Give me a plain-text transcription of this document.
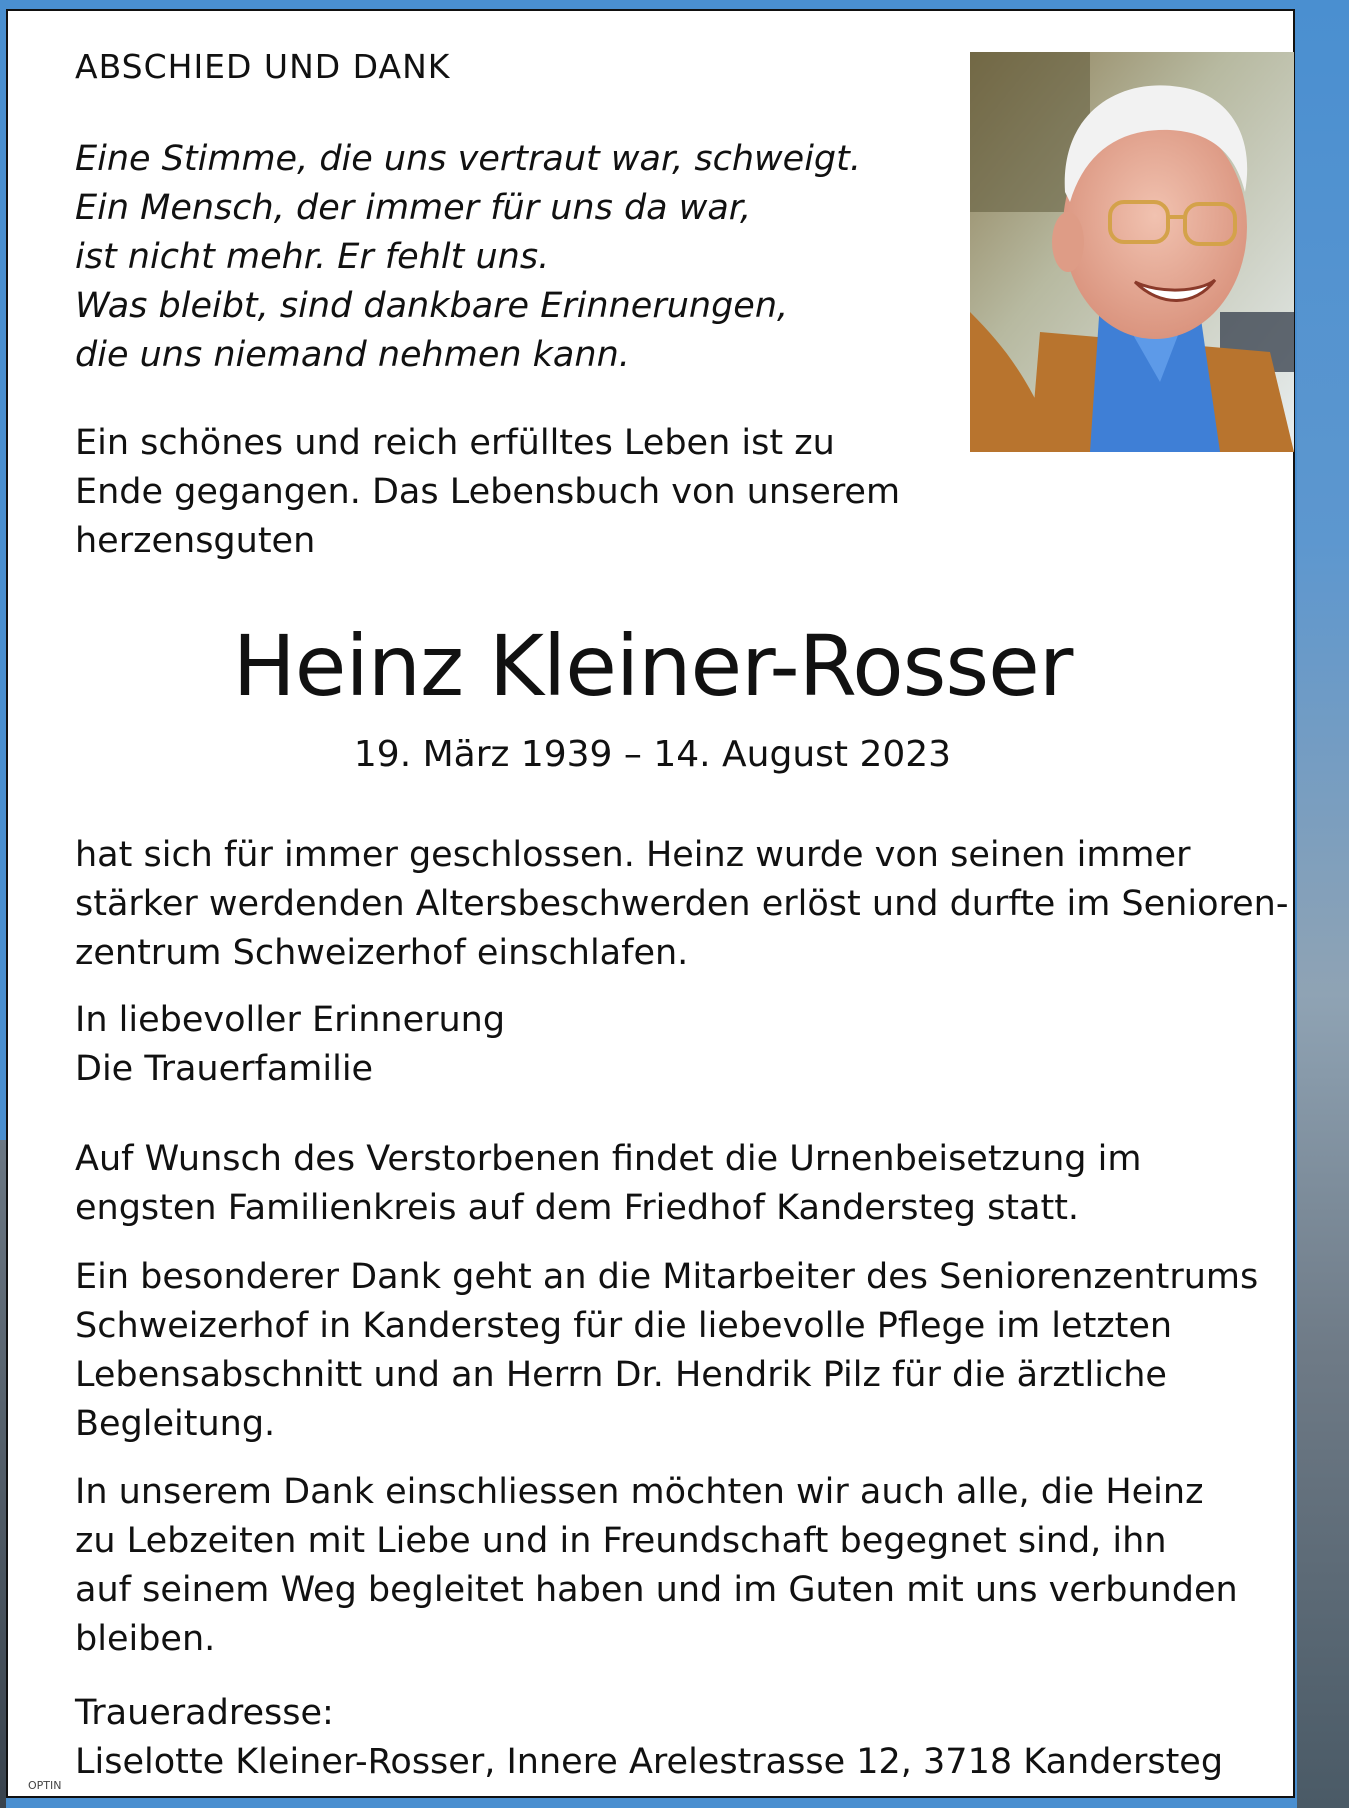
ABSCHIED UND DANK
Eine Stimme, die uns vertraut war, schweigt.
Ein Mensch, der immer für uns da war,
ist nicht mehr. Er fehlt uns.
Was bleibt, sind dankbare Erinnerungen,
die uns niemand nehmen kann.
Ein schönes und reich erfülltes Leben ist zu
Ende gegangen. Das Lebensbuch von unserem
herzensguten
Heinz Kleiner-Rosser
19. März 1939 – 14. August 2023
hat sich für immer geschlossen. Heinz wurde von seinen immer
stärker werdenden Altersbeschwerden erlöst und durfte im Senioren-
zentrum Schweizerhof einschlafen.
In liebevoller Erinnerung
Die Trauerfamilie
Auf Wunsch des Verstorbenen findet die Urnenbeisetzung im
engsten Familienkreis auf dem Friedhof Kandersteg statt.
Ein besonderer Dank geht an die Mitarbeiter des Seniorenzentrums
Schweizerhof in Kandersteg für die liebevolle Pflege im letzten
Lebensabschnitt und an Herrn Dr. Hendrik Pilz für die ärztliche
Begleitung.
In unserem Dank einschliessen möchten wir auch alle, die Heinz
zu Lebzeiten mit Liebe und in Freundschaft begegnet sind, ihn
auf seinem Weg begleitet haben und im Guten mit uns verbunden
bleiben.
Traueradresse:
Liselotte Kleiner-Rosser, Innere Arelestrasse 12, 3718 Kandersteg
OPTIN
